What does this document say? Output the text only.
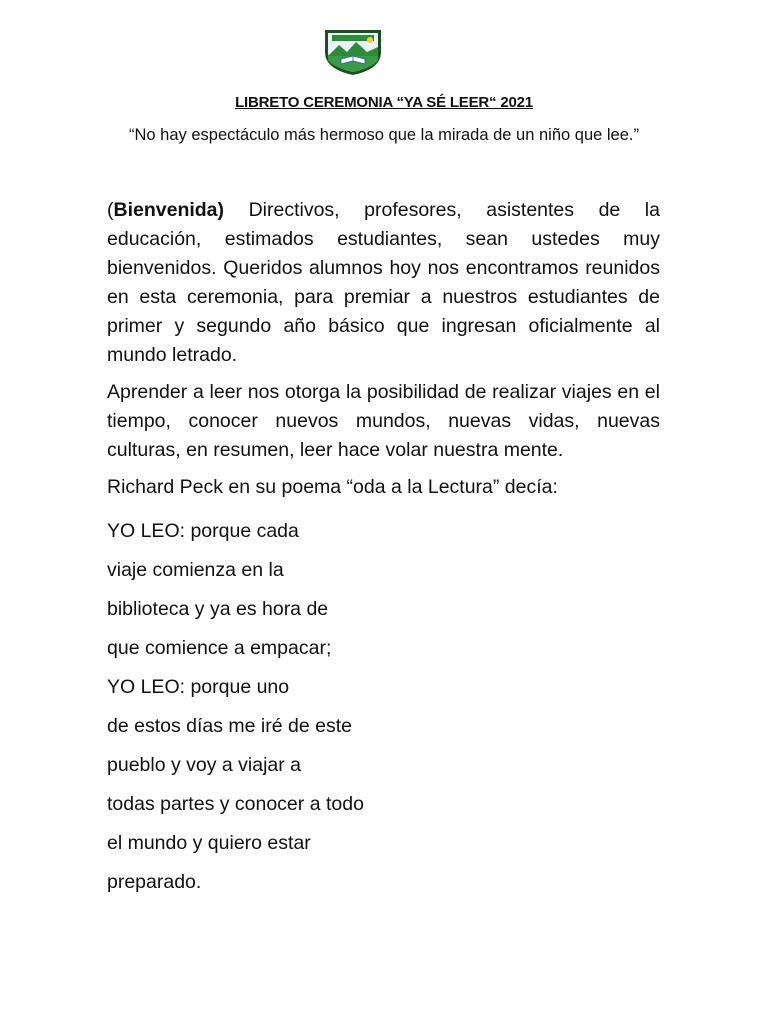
LIBRETO CEREMONIA “YA SÉ LEER“ 2021
“No hay espectáculo más hermoso que la mirada de un niño que lee.”

(Bienvenida) Directivos, profesores, asistentes de la educación, estimados estudiantes, sean ustedes muy bienvenidos. Queridos alumnos hoy nos encontramos reunidos en esta ceremonia, para premiar a nuestros estudiantes de primer y segundo año básico que ingresan oficialmente al mundo letrado.

Aprender a leer nos otorga la posibilidad de realizar viajes en el tiempo, conocer nuevos mundos, nuevas vidas, nuevas culturas, en resumen, leer hace volar nuestra mente.

Richard Peck en su poema “oda a la Lectura” decía:

YO LEO: porque cada

viaje comienza en la

biblioteca y ya es hora de

que comience a empacar;

YO LEO: porque uno

de estos días me iré de este

pueblo y voy a viajar a

todas partes y conocer a todo

el mundo y quiero estar

preparado.
